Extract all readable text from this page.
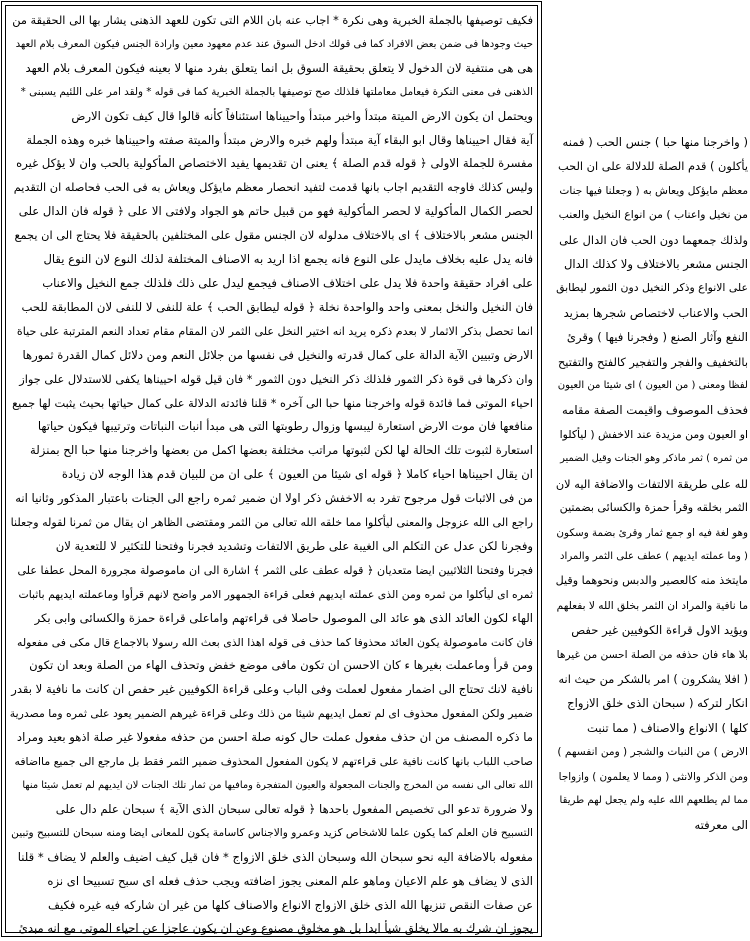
فكيف توصيفها بالجملة الخبرية وهى نكرة * اجاب عنه بان اللام التى تكون للعهد الذهنى يشار بها الى الحقيقة من
حيث وجودها فى ضمن بعض الافراد كما فى قولك ادخل السوق عند عدم معهود معين وارادة الجنس فيكون المعرف بلام العهد
هى هى منتفية لان الدخول لا يتعلق بحقيقة السوق بل انما يتعلق بفرد منها لا بعينه فيكون المعرف بلام العهد
الذهنى فى معنى النكرة فيعامل معاملتها فلذلك صح توصيفها بالجملة الخبرية كما فى قوله * ولقد امر على اللئيم يسبنى *
ويحتمل ان يكون الارض الميتة مبتدأ واخبر مبتدأ واحييناها استئنافاً كأنه قالوا قال كيف تكون الارض
آية فقال احييناها وقال ابو البقاء آية مبتدأ ولهم خبره والارض مبتدأ والميتة صفته واحييناها خبره وهذه الجملة
مفسرة للجملة الاولى ﴿ قوله قدم الصلة ﴾ يعنى ان تقديمها يفيد الاختصاص المأكولية بالحب وان لا يؤكل غيره
وليس كذلك فاوجه التقديم اجاب بانها قدمت لتفيد انحصار معظم مايؤكل ويعاش به فى الحب فحاصله ان التقديم
لحصر الكمال المأكولية لا لحصر المأكولية فهو من قبيل حاتم هو الجواد ولافتى الا على ﴿ قوله فان الدال على
الجنس مشعر بالاختلاف ﴾ اى بالاختلاف مدلوله لان الجنس مقول على المختلفين بالحقيقة فلا يحتاج الى ان يجمع
فانه يدل عليه بخلاف مايدل على النوع فانه يجمع اذا اريد به الاصناف المختلفة لذلك النوع لان النوع يقال
على افراد حقيقة واحدة فلا يدل على اختلاف الاصناف فيجمع ليدل على ذلك فلذلك جمع النخيل والاعناب
فان النخيل والنخل بمعنى واحد والواحدة نخلة ﴿ قوله ليطابق الحب ﴾ علة للنفى لا للنفى لان المطابقة للحب
انما تحصل بذكر الاثمار لا بعدم ذكره يريد انه اختير النخل على الثمر لان المقام مقام تعداد النعم المترتبة على حياة
الارض وتبيين الآية الدالة على كمال قدرته والنخيل فى نفسها من جلائل النعم ومن دلائل كمال القدرة ثمورها
وان ذكرها فى قوة ذكر الثمور فلذلك ذكر النخيل دون الثمور * فان قيل قوله احييناها يكفى للاستدلال على جواز
احياء الموتى فما فائدة قوله واخرجنا منها حبا الى آخره * قلنا فائدته الدلالة على كمال حياتها بحيث يثبت لها جميع
منافعها فان موت الارض استعارة ليبسها وزوال رطوبتها التى هى مبدأ انبات النباتات وترتيبها فيكون حياتها
استعارة لثبوت تلك الحالة لها لكن لثبوتها مراتب مختلفة بعضها اكمل من بعضها واخرجنا منها حبا الح بمنزلة
ان يقال احييناها احياء كاملا ﴿ قوله اى شيئا من العيون ﴾ على ان من للبيان قدم هذا الوجه لان زيادة
من فى الاثبات قول مرجوح تفرد به الاخفش ذكر اولا ان ضمير ثمره راجع الى الجنات باعتبار المذكور وثانيا انه
راجع الى الله عزوجل والمعنى ليأكلوا مما خلقه الله تعالى من الثمر ومقتضى الظاهر ان يقال من ثمرنا لقوله وجعلنا
وفجرنا لكن عدل عن التكلم الى الغيبة على طريق الالتفات وتشديد فجرنا وفتحنا للتكثير لا للتعدية لان
فجرنا وفتحنا الثلاثيين ايضا متعديان ﴿ قوله عطف على الثمر ﴾ اشارة الى ان ماموصولة مجرورة المحل عطفا على
ثمره اى ليأكلوا من ثمره ومن الذى عملته ايديهم فعلى قراءة الجمهور الامر واضح لانهم قرأوا وماعملته ايديهم باثبات
الهاء لكون العائد الذى هو عائد الى الموصول حاصلا فى قراءتهم واماعلى قراءة حمزة والكسائى وابى بكر
فان كانت ماموصولة يكون العائد محذوفا كما حذف فى قوله اهذا الذى بعث الله رسولا بالاجماع قال مكى فى مفعوله
ومن قرأ وماعملت بغيرها ء كان الاحسن ان تكون مافى موضع خفض وتحذف الهاء من الصلة وبعد ان تكون
نافية لانك تحتاج الى اضمار مفعول لعملت وفى الباب وعلى قراءة الكوفيين غير حفص ان كانت ما نافية لا بقدر
ضمير ولكن المفعول محذوف اى لم تعمل ايديهم شيئا من ذلك وعلى قراءة غيرهم الضمير يعود على ثمره وما مصدرية
ما ذكره المصنف من ان حذف مفعول عملت حال كونه صلة احسن من حذفه مفعولا غير صلة اذهو بعيد ومراد
صاحب اللباب بانها كانت نافية على قراءتهم لا يكون المفعول المحذوف ضمير الثمر فقط بل مارجع الى جميع مااضافه
الله تعالى الى نفسه من المخرج والجنات المجعولة والعيون المتفجرة ومافيها من ثمار تلك الجنات لان ايديهم لم تعمل شيئا منها
ولا ضرورة تدعو الى تخصيص المفعول باحدها ﴿ قوله تعالى سبحان الذى الآية ﴾ سبحان علم دال على
التسبيح فان العلم كما يكون علما للاشخاص كزيد وعمرو والاجناس كاسامة يكون للمعانى ايضا ومنه سبحان للتسبيح وتبين
مفعوله بالاضافة اليه نحو سبحان الله وسبحان الذى خلق الازواج * فان قيل كيف اضيف والعلم لا يضاف * قلنا
الذى لا يضاف هو علم الاعيان وماهو علم المعنى يجوز اضافته ويجب حذف فعله اى سبح تسبيحا اى نزه
عن صفات النقص تنزيها الله الذى خلق الازواج الانواع والاصناف كلها من غير ان شاركه فيه غيره فكيف
يجوز ان شرك به مالا يخلق شيأ ابدا بل هو مخلوق مصنوع وعن ان يكون عاجزا عن احياء الموتى مع انه مبدئ
( واخرجنا منها حبا ) جنس الحب ( فمنه
يأكلون ) قدم الصلة للدلالة على ان الحب
معظم مايؤكل ويعاش به ( وجعلنا فيها جنات
من نخيل واعناب ) من انواع النخيل والعنب
ولذلك جمعهما دون الحب فان الدال على
الجنس مشعر بالاختلاف ولا كذلك الدال
على الانواع وذكر النخيل دون الثمور ليطابق
الحب والاعناب لاختصاص شجرها بمزيد
النفع وآثار الصنع ( وفجرنا فيها ) وقرئ
بالتخفيف والفجر والتفجير كالفتح والتفتيح
لفظا ومعنى ( من العيون ) اى شيئا من العيون
فحذف الموصوف واقيمت الصفة مقامه
او العيون ومن مزيدة عند الاخفش ( ليأكلوا
من ثمره ) ثمر ماذكر وهو الجنات وقيل الضمير
لله على طريقة الالتفات والاضافة اليه لان
الثمر بخلقه وقرأ حمزة والكسائى بضمتين
وهو لغة فيه او جمع ثمار وقرئ بضمة وسكون
( وما عملته ايديهم ) عطف على الثمر والمراد
مايتخذ منه كالعصير والدبس ونحوهما وقيل
ما نافية والمراد ان الثمر بخلق الله لا بفعلهم
ويؤيد الاول قراءة الكوفيين غير حفص
بلا هاء فان حذفه من الصلة احسن من غيرها
( افلا يشكرون ) امر بالشكر من حيث انه
انكار لتركه ( سبحان الذى خلق الازواج
كلها ) الانواع والاصناف ( مما تنبت
الارض ) من النبات والشجر ( ومن انفسهم )
ومن الذكر والانثى ( ومما لا يعلمون ) وازواجا
مما لم يطلعهم الله عليه ولم يجعل لهم طريقا
الى معرفته
